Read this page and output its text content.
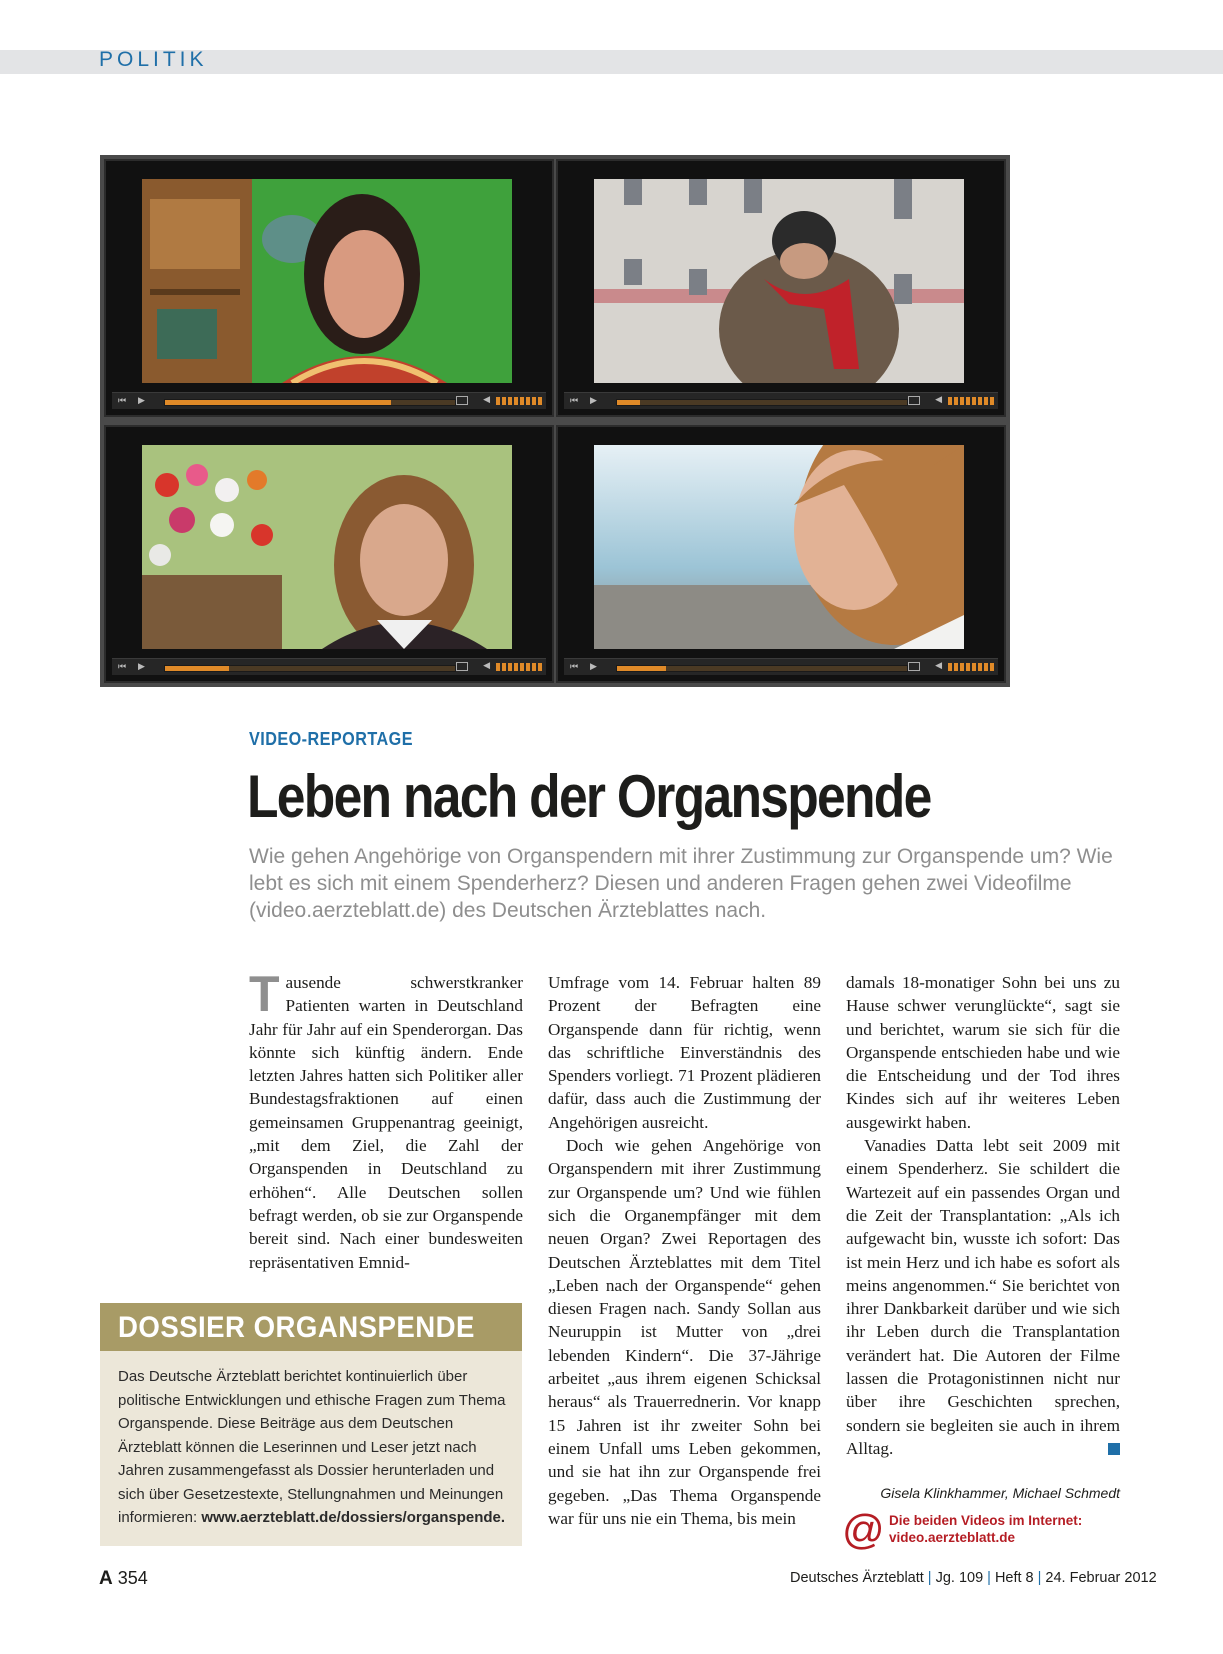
POLITIK
⏮ ▶	◀	⏮ ▶	◀
⏮ ▶	◀	⏮ ▶	◀
VIDEO-REPORTAGE
Leben nach der Organspende
Wie gehen Angehörige von Organspendern mit ihrer Zustimmung zur Organspende um? Wie lebt es sich mit einem Spenderherz? Diesen und anderen Fragen gehen zwei Videofilme (video.aerzteblatt.de) des Deutschen Ärzteblattes nach.
Tausende schwerstkranker Patienten warten in Deutschland Jahr für Jahr auf ein Spenderorgan. Das könnte sich künftig ändern. Ende letzten Jahres hatten sich Politiker aller Bundestagsfraktionen auf einen gemeinsamen Gruppenantrag geeinigt, „mit dem Ziel, die Zahl der Organspenden in Deutschland zu erhöhen“. Alle Deutschen sollen befragt werden, ob sie zur Organspende bereit sind. Nach einer bundesweiten repräsentativen Emnid-
Umfrage vom 14. Februar halten 89 Prozent der Befragten eine Organspende dann für richtig, wenn das schriftliche Einverständnis des Spenders vorliegt. 71 Prozent plädieren dafür, dass auch die Zustimmung der Angehörigen ausreicht.
Doch wie gehen Angehörige von Organspendern mit ihrer Zustimmung zur Organspende um? Und wie fühlen sich die Organempfänger mit dem neuen Organ? Zwei Reportagen des Deutschen Ärzteblattes mit dem Titel „Leben nach der Organspende“ gehen diesen Fragen nach. Sandy Sollan aus Neuruppin ist Mutter von „drei lebenden Kindern“. Die 37-Jährige arbeitet „aus ihrem eigenen Schicksal heraus“ als Trauerrednerin. Vor knapp 15 Jahren ist ihr zweiter Sohn bei einem Unfall ums Leben gekommen, und sie hat ihn zur Organspende frei gegeben. „Das Thema Organspende war für uns nie ein Thema, bis mein
damals 18-monatiger Sohn bei uns zu Hause schwer verunglückte“, sagt sie und berichtet, warum sie sich für die Organspende entschieden habe und wie die Entscheidung und der Tod ihres Kindes sich auf ihr weiteres Leben ausgewirkt haben.
Vanadies Datta lebt seit 2009 mit einem Spenderherz. Sie schildert die Wartezeit auf ein passendes Organ und die Zeit der Transplantation: „Als ich aufgewacht bin, wusste ich sofort: Das ist mein Herz und ich habe es sofort als meins angenommen.“ Sie berichtet von ihrer Dankbarkeit darüber und wie sich ihr Leben durch die Transplantation verändert hat. Die Autoren der Filme lassen die Protagonistinnen nicht nur über ihre Geschichten sprechen, sondern sie begleiten sie auch in ihrem Alltag.
Gisela Klinkhammer, Michael Schmedt
DOSSIER ORGANSPENDE
Das Deutsche Ärzteblatt berichtet kontinuierlich über politische Entwicklungen und ethische Fragen zum Thema Organspende. Diese Beiträge aus dem Deutschen Ärzteblatt können die Leserinnen und Leser jetzt nach Jahren zusammengefasst als Dossier herunterladen und sich über Gesetzestexte, Stellungnahmen und Meinungen informieren: www.aerzteblatt.de/dossiers/organspende.	@ Die beiden Videos im Internet:
video.aerzteblatt.de
A 354	Deutsches Ärzteblatt | Jg. 109 | Heft 8 | 24. Februar 2012
